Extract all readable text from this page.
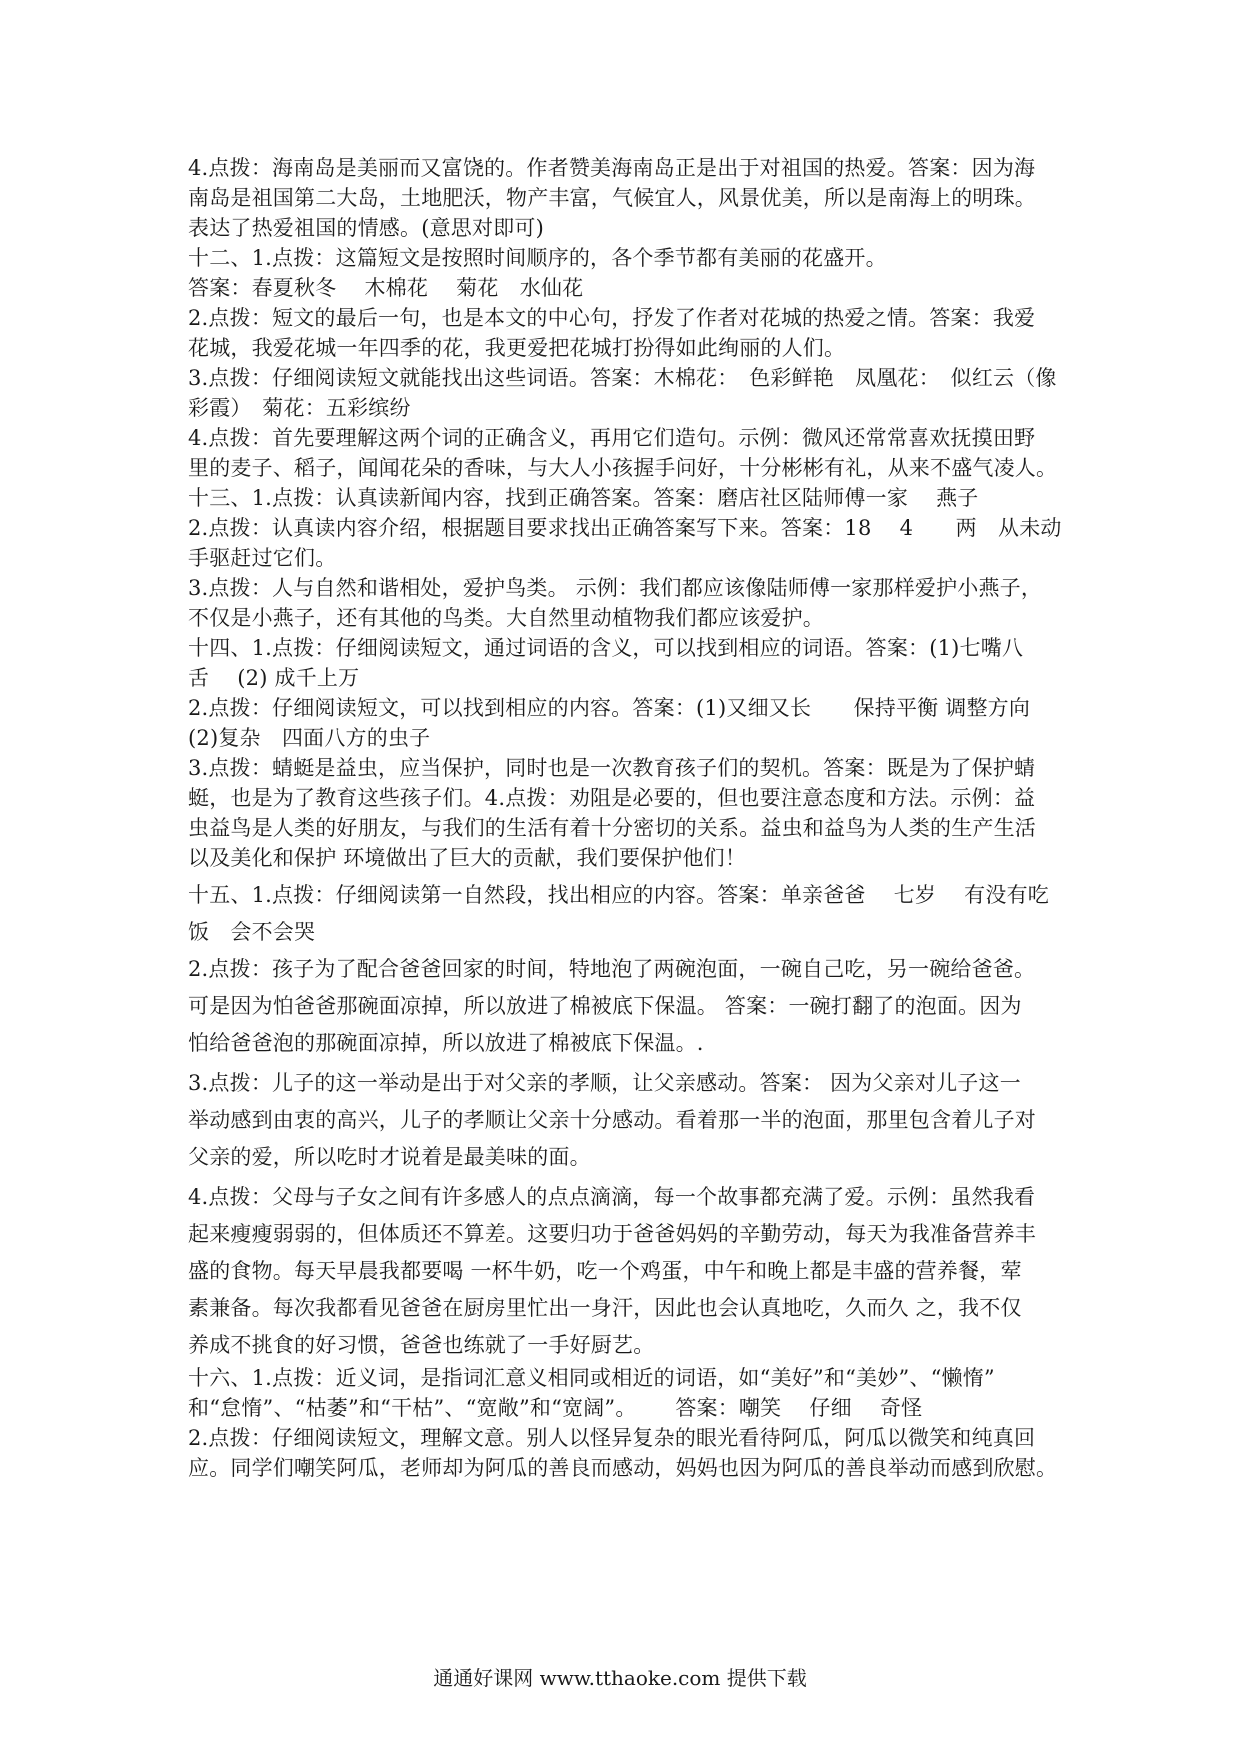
4.点拨：海南岛是美丽而又富饶的。作者赞美海南岛正是出于对祖国的热爱。答案：因为海
南岛是祖国第二大岛，土地肥沃，物产丰富，气候宜人，风景优美，所以是南海上的明珠。
表达了热爱祖国的情感。(意思对即可)
十二、1.点拨：这篇短文是按照时间顺序的，各个季节都有美丽的花盛开。
答案：春夏秋冬　 木棉花　 菊花　水仙花
2.点拨：短文的最后一句，也是本文的中心句，抒发了作者对花城的热爱之情。答案：我爱
花城，我爱花城一年四季的花，我更爱把花城打扮得如此绚丽的人们。
3.点拨：仔细阅读短文就能找出这些词语。答案：木棉花：　色彩鲜艳　凤凰花：　似红云（像
彩霞）　菊花：五彩缤纷
4.点拨：首先要理解这两个词的正确含义，再用它们造句。示例：微风还常常喜欢抚摸田野
里的麦子、稻子，闻闻花朵的香味，与大人小孩握手问好，十分彬彬有礼，从来不盛气凌人。
十三、1.点拨：认真读新闻内容，找到正确答案。答案：磨店社区陆师傅一家　 燕子
2.点拨：认真读内容介绍，根据题目要求找出正确答案写下来。答案：18　 4　　两　从未动
手驱赶过它们。
3.点拨：人与自然和谐相处，爱护鸟类。 示例：我们都应该像陆师傅一家那样爱护小燕子，
不仅是小燕子，还有其他的鸟类。大自然里动植物我们都应该爱护。
十四、1.点拨：仔细阅读短文，通过词语的含义，可以找到相应的词语。答案：(1)七嘴八
舌　 (2) 成千上万
2.点拨：仔细阅读短文，可以找到相应的内容。答案：(1)又细又长　　保持平衡 调整方向
(2)复杂　四面八方的虫子
3.点拨：蜻蜓是益虫，应当保护，同时也是一次教育孩子们的契机。答案：既是为了保护蜻
蜓，也是为了教育这些孩子们。4.点拨：劝阻是必要的，但也要注意态度和方法。示例：益
虫益鸟是人类的好朋友，与我们的生活有着十分密切的关系。益虫和益鸟为人类的生产生活
以及美化和保护 环境做出了巨大的贡献，我们要保护他们！
十五、1.点拨：仔细阅读第一自然段，找出相应的内容。答案：单亲爸爸　 七岁　 有没有吃
饭　会不会哭
2.点拨：孩子为了配合爸爸回家的时间，特地泡了两碗泡面，一碗自己吃，另一碗给爸爸。
可是因为怕爸爸那碗面凉掉，所以放进了棉被底下保温。 答案：一碗打翻了的泡面。因为
怕给爸爸泡的那碗面凉掉，所以放进了棉被底下保温。.
3.点拨：儿子的这一举动是出于对父亲的孝顺，让父亲感动。答案： 因为父亲对儿子这一
举动感到由衷的高兴，儿子的孝顺让父亲十分感动。看着那一半的泡面，那里包含着儿子对
父亲的爱，所以吃时才说着是最美味的面。
4.点拨：父母与子女之间有许多感人的点点滴滴，每一个故事都充满了爱。示例：虽然我看
起来瘦瘦弱弱的，但体质还不算差。这要归功于爸爸妈妈的辛勤劳动，每天为我准备营养丰
盛的食物。每天早晨我都要喝 一杯牛奶，吃一个鸡蛋，中午和晚上都是丰盛的营养餐，荤
素兼备。每次我都看见爸爸在厨房里忙出一身汗，因此也会认真地吃，久而久 之，我不仅
养成不挑食的好习惯，爸爸也练就了一手好厨艺。
十六、1.点拨：近义词，是指词汇意义相同或相近的词语，如“美好”和“美妙”、“懒惰”
和“怠惰”、“枯萎”和“干枯”、“宽敞”和“宽阔”。　　 答案：嘲笑　 仔细　 奇怪
2.点拨：仔细阅读短文，理解文意。别人以怪异复杂的眼光看待阿瓜，阿瓜以微笑和纯真回
应。同学们嘲笑阿瓜，老师却为阿瓜的善良而感动，妈妈也因为阿瓜的善良举动而感到欣慰。
通通好课网 www.tthaoke.com 提供下载
